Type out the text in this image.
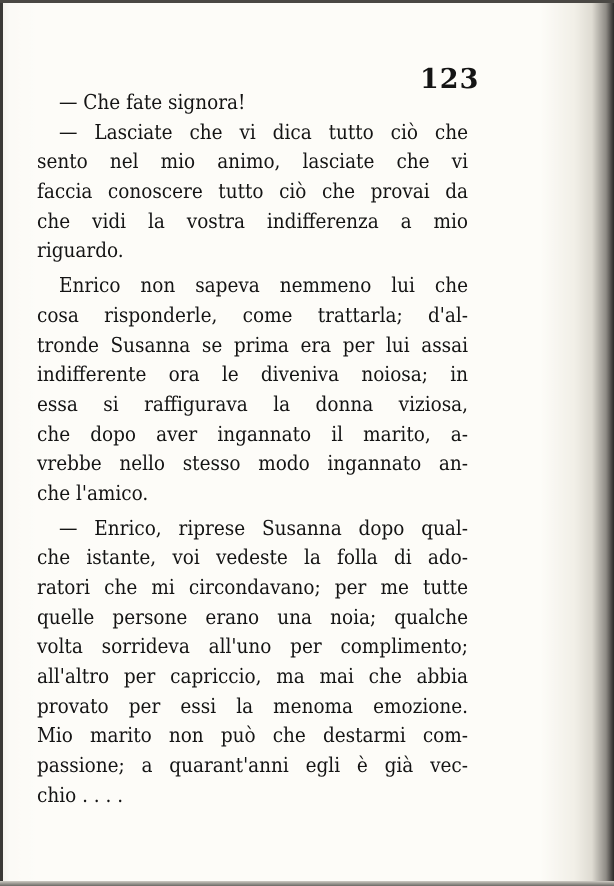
123
— Che fate signora!
— Lasciate che vi dica tutto ciò che
sento nel mio animo, lasciate che vi
faccia conoscere tutto ciò che provai da
che vidi la vostra indifferenza a mio
riguardo.
Enrico non sapeva nemmeno lui che
cosa risponderle, come trattarla; d'al-
tronde Susanna se prima era per lui assai
indifferente ora le diveniva noiosa; in
essa si raffigurava la donna viziosa,
che dopo aver ingannato il marito, a-
vrebbe nello stesso modo ingannato an-
che l'amico.
— Enrico, riprese Susanna dopo qual-
che istante, voi vedeste la folla di ado-
ratori che mi circondavano; per me tutte
quelle persone erano una noia; qualche
volta sorrideva all'uno per complimento;
all'altro per capriccio, ma mai che abbia
provato per essi la menoma emozione.
Mio marito non può che destarmi com-
passione; a quarant'anni egli è già vec-
chio . . . .
